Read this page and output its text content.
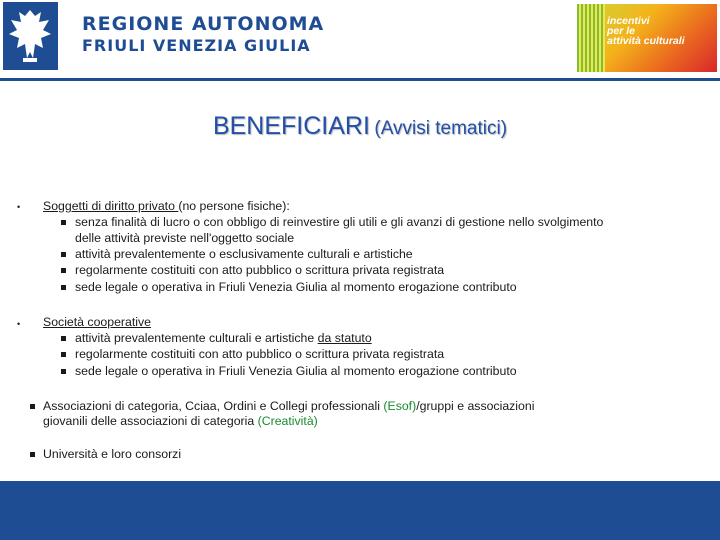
REGIONE AUTONOMA
FRIULI VENEZIA GIULIA
incentivi
per le
attività culturali
BENEFICIARI (Avvisi tematici)
• Soggetti di diritto privato (no persone fisiche):
senza finalità di lucro o con obbligo di reinvestire gli utili e gli avanzi di gestione nello svolgimento
delle attività previste nell'oggetto sociale
attività prevalentemente o esclusivamente culturali e artistiche
regolarmente costituiti con atto pubblico o scrittura privata registrata
sede legale o operativa in Friuli Venezia Giulia al momento erogazione contributo
• Società cooperative
attività prevalentemente culturali e artistiche da statuto
regolarmente costituiti con atto pubblico o scrittura privata registrata
sede legale o operativa in Friuli Venezia Giulia al momento erogazione contributo
Associazioni di categoria, Cciaa, Ordini e Collegi professionali (Esof)/gruppi e associazioni
giovanili delle associazioni di categoria (Creatività)
Università e loro consorzi
